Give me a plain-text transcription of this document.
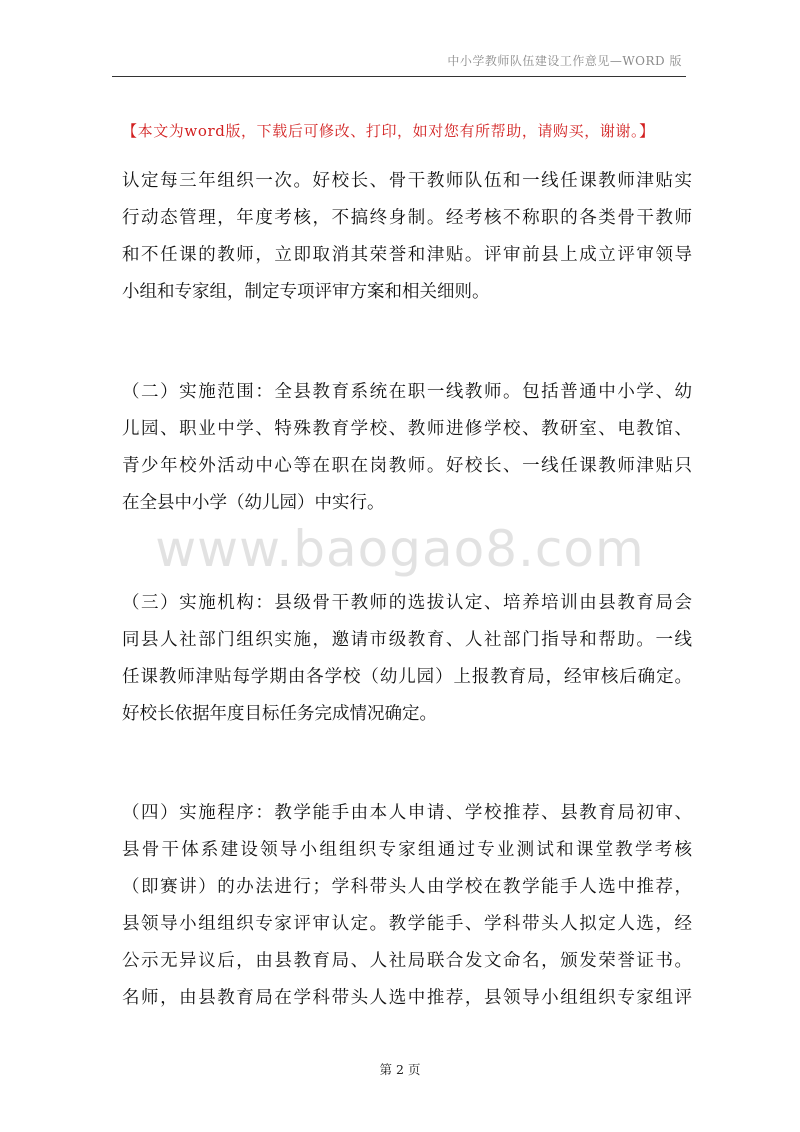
中小学教师队伍建设工作意见—WORD 版
【本文为word版，下载后可修改、打印，如对您有所帮助，请购买，谢谢。】
www.baogao8.com
认定每三年组织一次。好校长、骨干教师队伍和一线任课教师津贴实
行动态管理，年度考核，不搞终身制。经考核不称职的各类骨干教师
和不任课的教师，立即取消其荣誉和津贴。评审前县上成立评审领导
小组和专家组，制定专项评审方案和相关细则。
（二）实施范围：全县教育系统在职一线教师。包括普通中小学、幼
儿园、职业中学、特殊教育学校、教师进修学校、教研室、电教馆、
青少年校外活动中心等在职在岗教师。好校长、一线任课教师津贴只
在全县中小学（幼儿园）中实行。
（三）实施机构：县级骨干教师的选拔认定、培养培训由县教育局会
同县人社部门组织实施，邀请市级教育、人社部门指导和帮助。一线
任课教师津贴每学期由各学校（幼儿园）上报教育局，经审核后确定。
好校长依据年度目标任务完成情况确定。
（四）实施程序：教学能手由本人申请、学校推荐、县教育局初审、
县骨干体系建设领导小组组织专家组通过专业测试和课堂教学考核
（即赛讲）的办法进行；学科带头人由学校在教学能手人选中推荐，
县领导小组组织专家评审认定。教学能手、学科带头人拟定人选，经
公示无异议后，由县教育局、人社局联合发文命名，颁发荣誉证书。
名师，由县教育局在学科带头人选中推荐，县领导小组组织专家组评
第 2 页
